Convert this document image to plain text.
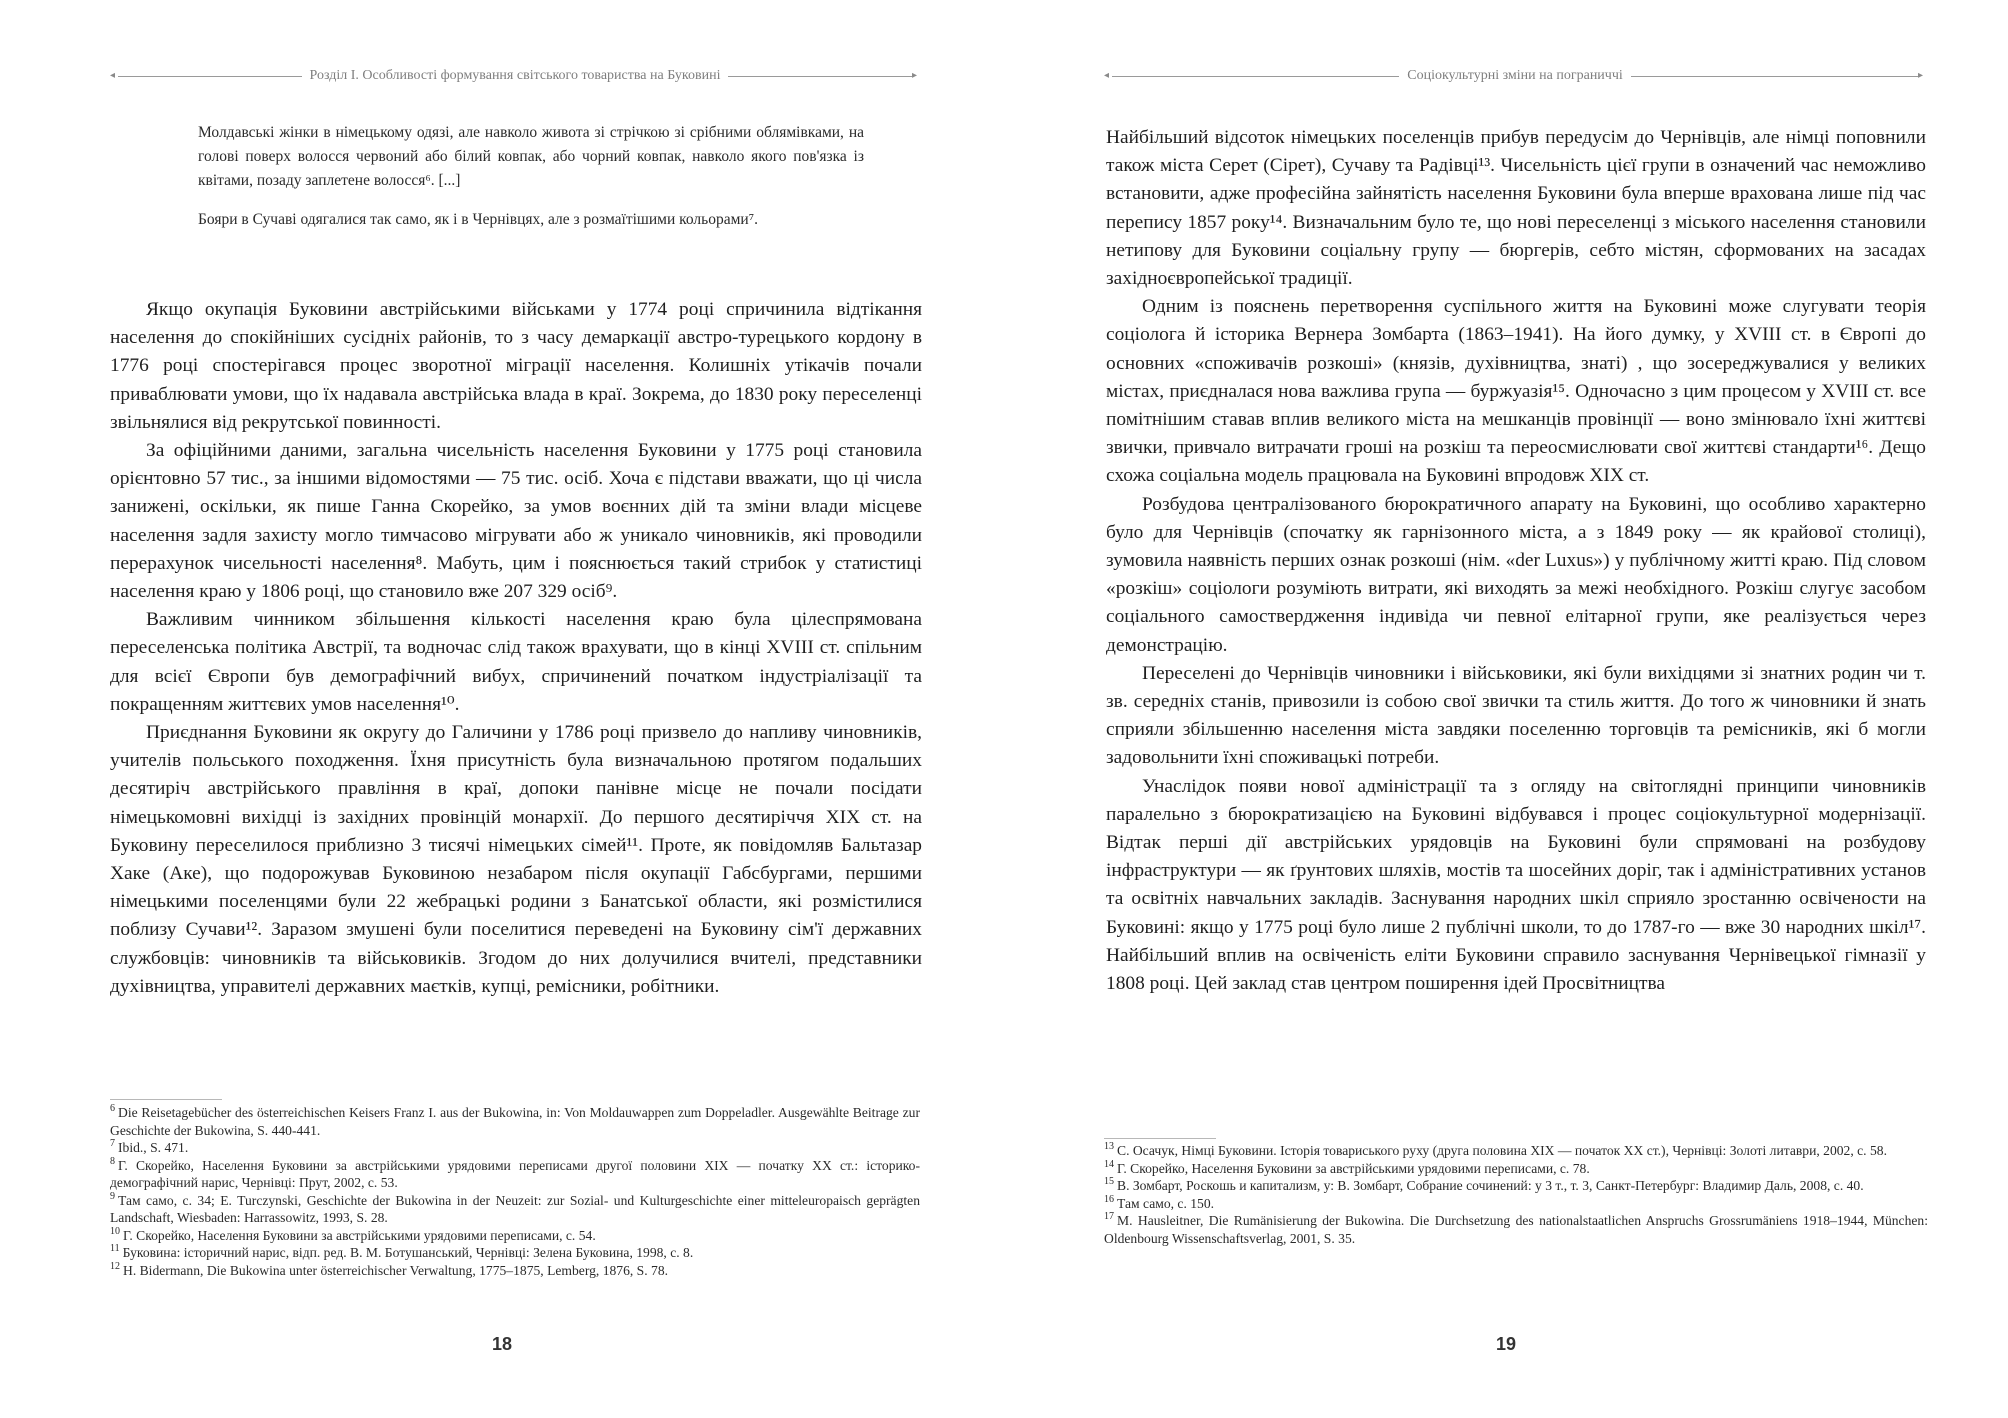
◂	Розділ І. Особливості формування світського товариства на Буковині	▸

Молдавські жінки в німецькому одязі, але навколо живота зі стрічкою зі срібними облямівками, на голові поверх волосся червоний або білий ковпак, або чорний ковпак, навколо якого пов'язка із квітами, позаду заплетене волосся⁶. [...]

Бояри в Сучаві одягалися так само, як і в Чернівцях, але з розмаїтішими кольорами⁷.

Якщо окупація Буковини австрійськими військами у 1774 році спричинила відтікання населення до спокійніших сусідніх районів, то з часу демаркації австро-турецького кордону в 1776 році спостерігався процес зворотної міграції населення. Колишніх утікачів почали приваблювати умови, що їх надавала австрійська влада в краї. Зокрема, до 1830 року переселенці звільнялися від рекрутської повинності.

За офіційними даними, загальна чисельність населення Буковини у 1775 році становила орієнтовно 57 тис., за іншими відомостями — 75 тис. осіб. Хоча є підстави вважати, що ці числа занижені, оскільки, як пише Ганна Скорейко, за умов воєнних дій та зміни влади місцеве населення задля захисту могло тимчасово мігрувати або ж уникало чиновників, які проводили перерахунок чисельності населення⁸. Мабуть, цим і пояснюється такий стрибок у статистиці населення краю у 1806 році, що становило вже 207 329 осіб⁹.

Важливим чинником збільшення кількості населення краю була цілеспрямована переселенська політика Австрії, та водночас слід також врахувати, що в кінці XVIII ст. спільним для всієї Європи був демографічний вибух, спричинений початком індустріалізації та покращенням життєвих умов населення¹⁰.

Приєднання Буковини як округу до Галичини у 1786 році призвело до напливу чиновників, учителів польського походження. Їхня присутність була визначальною протягом подальших десятиріч австрійського правління в краї, допоки панівне місце не почали посідати німецькомовні вихідці із західних провінцій монархії. До першого десятиріччя XIX ст. на Буковину переселилося приблизно 3 тисячі німецьких сімей¹¹. Проте, як повідомляв Бальтазар Хаке (Аке), що подорожував Буковиною незабаром після окупації Габсбургами, першими німецькими поселенцями були 22 жебрацькі родини з Банатської области, які розмістилися поблизу Сучави¹². Заразом змушені були поселитися переведені на Буковину сім'ї державних службовців: чиновників та військовиків. Згодом до них долучилися вчителі, представники духівництва, управителі державних маєтків, купці, ремісники, робітники.

$^6$ Die Reisetagebücher des österreichischen Keisers Franz I. aus der Bukowina, in: Von Moldauwappen zum Doppeladler. Ausgewählte Beitrage zur Geschichte der Bukowina, S. 440-441.

$^7$ Ibid., S. 471.

$^8$ Г. Скорейко, Населення Буковини за австрійськими урядовими переписами другої половини XIX — початку XX ст.: історико-демографічний нарис, Чернівці: Прут, 2002, с. 53.

$^9$ Там само, с. 34; E. Turczynski, Geschichte der Bukowina in der Neuzeit: zur Sozial- und Kulturgeschichte einer mitteleuropaisch geprägten Landschaft, Wiesbaden: Harrassowitz, 1993, S. 28.

$^{10}$ Г. Скорейко, Населення Буковини за австрійськими урядовими переписами, с. 54.

$^{11}$ Буковина: історичний нарис, відп. ред. В. М. Ботушанський, Чернівці: Зелена Буковина, 1998, с. 8.

$^{12}$ H. Bidermann, Die Bukowina unter österreichischer Verwaltung, 1775–1875, Lemberg, 1876, S. 78.

18
◂	Соціокультурні зміни на пограниччі	▸

Найбільший відсоток німецьких поселенців прибув передусім до Чернівців, але німці поповнили також міста Серет (Сірет), Сучаву та Радівці¹³. Чисельність цієї групи в означений час неможливо встановити, адже професійна зайнятість населення Буковини була вперше врахована лише під час перепису 1857 року¹⁴. Визначальним було те, що нові переселенці з міського населення становили нетипову для Буковини соціальну групу — бюргерів, себто містян, сформованих на засадах західноєвропейської традиції.

Одним із пояснень перетворення суспільного життя на Буковині може слугувати теорія соціолога й історика Вернера Зомбарта (1863–1941). На його думку, у XVIII ст. в Європі до основних «споживачів розкоші» (князів, духівництва, знаті) , що зосереджувалися у великих містах, приєдналася нова важлива група — буржуазія¹⁵. Одночасно з цим процесом у XVIII ст. все помітнішим ставав вплив великого міста на мешканців провінції — воно змінювало їхні життєві звички, привчало витрачати гроші на розкіш та переосмислювати свої життєві стандарти¹⁶. Дещо схожа соціальна модель працювала на Буковині впродовж XIX ст.

Розбудова централізованого бюрократичного апарату на Буковині, що особливо характерно було для Чернівців (спочатку як гарнізонного міста, а з 1849 року — як крайової столиці), зумовила наявність перших ознак розкоші (нім. «der Luxus») у публічному житті краю. Під словом «розкіш» соціологи розуміють витрати, які виходять за межі необхідного. Розкіш слугує засобом соціального самоствердження індивіда чи певної елітарної групи, яке реалізується через демонстрацію.

Переселені до Чернівців чиновники і військовики, які були вихідцями зі знатних родин чи т. зв. середніх станів, привозили із собою свої звички та стиль життя. До того ж чиновники й знать сприяли збільшенню населення міста завдяки поселенню торговців та ремісників, які б могли задовольнити їхні споживацькі потреби.

Унаслідок появи нової адміністрації та з огляду на світоглядні принципи чиновників паралельно з бюрократизацією на Буковині відбувався і процес соціокультурної модернізації. Відтак перші дії австрійських урядовців на Буковині були спрямовані на розбудову інфраструктури — як ґрунтових шляхів, мостів та шосейних доріг, так і адміністративних установ та освітніх навчальних закладів. Заснування народних шкіл сприяло зростанню освічености на Буковині: якщо у 1775 році було лише 2 публічні школи, то до 1787-го — вже 30 народних шкіл¹⁷. Найбільший вплив на освіченість еліти Буковини справило заснування Чернівецької гімназії у 1808 році. Цей заклад став центром поширення ідей Просвітництва

$^{13}$ С. Осачук, Німці Буковини. Історія товариського руху (друга половина XIX — початок XX ст.), Чернівці: Золоті литаври, 2002, с. 58.

$^{14}$ Г. Скорейко, Населення Буковини за австрійськими урядовими переписами, с. 78.

$^{15}$ В. Зомбарт, Роскошь и капитализм, у: В. Зомбарт, Собрание сочинений: у 3 т., т. 3, Санкт-Петербург: Владимир Даль, 2008, с. 40.

$^{16}$ Там само, с. 150.

$^{17}$ M. Hausleitner, Die Rumänisierung der Bukowina. Die Durchsetzung des nationalstaatlichen Anspruchs Grossrumäniens 1918–1944, München: Oldenbourg Wissenschaftsverlag, 2001, S. 35.

19
